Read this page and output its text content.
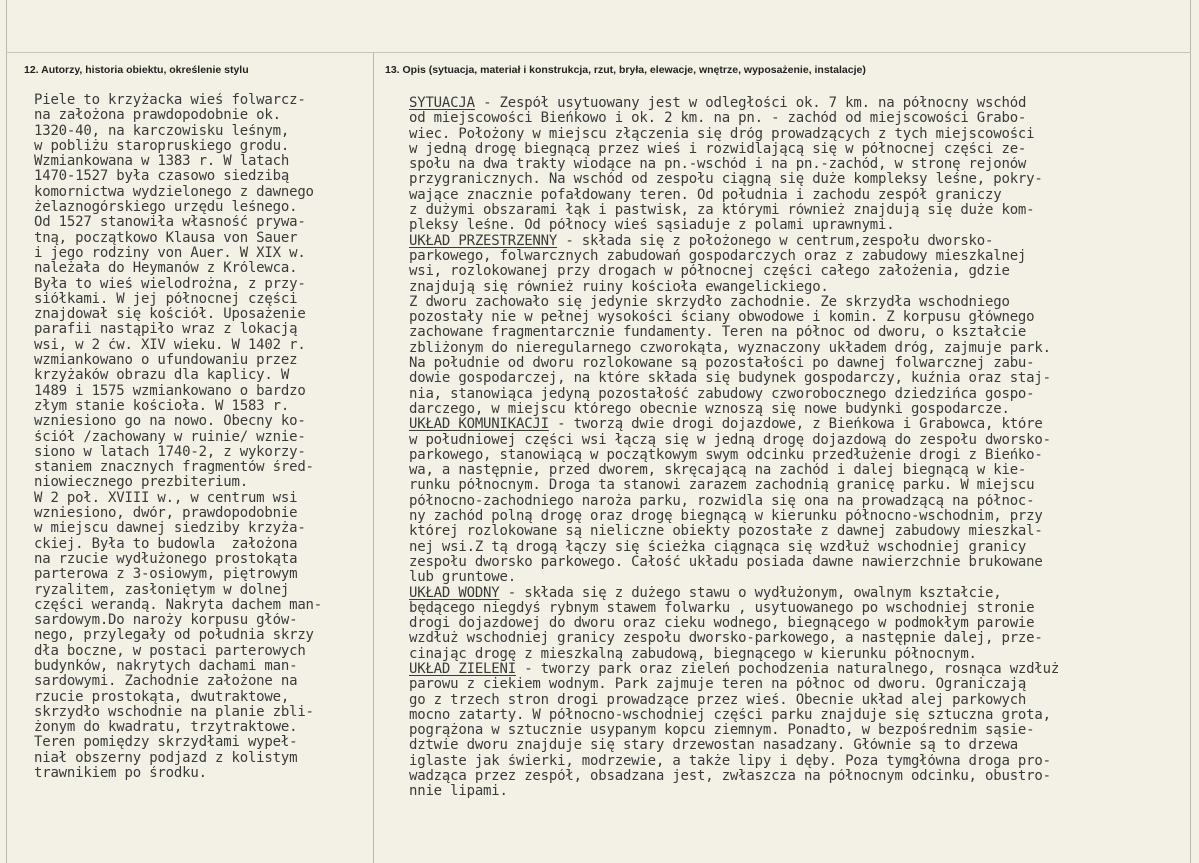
12. Autorzy, historia obiektu, określenie stylu	13. Opis (sytuacja, materiał i konstrukcja, rzut, bryła, elewacje, wnętrze, wyposażenie, instalacje)
Piele to krzyżacka wieś folwarcz-
na założona prawdopodobnie ok.
1320-40, na karczowisku leśnym,
w pobliżu staropruskiego grodu.
Wzmiankowana w 1383 r. W latach
1470-1527 była czasowo siedzibą
komornictwa wydzielonego z dawnego
żelaznogórskiego urzędu leśnego.
Od 1527 stanowiła własność prywa-
tną, początkowo Klausa von Sauer
i jego rodziny von Auer. W XIX w.
należała do Heymanów z Królewca.
Była to wieś wielodrożna, z przy-
siółkami. W jej północnej części
znajdował się kościół. Uposażenie
parafii nastąpiło wraz z lokacją
wsi, w 2 ćw. XIV wieku. W 1402 r.
wzmiankowano o ufundowaniu przez
krzyżaków obrazu dla kaplicy. W
1489 i 1575 wzmiankowano o bardzo
złym stanie kościoła. W 1583 r.
wzniesiono go na nowo. Obecny ko-
ściół /zachowany w ruinie/ wznie-
siono w latach 1740-2, z wykorzy-
staniem znacznych fragmentów śred-
niowiecznego prezbiterium.
W 2 poł. XVIII w., w centrum wsi
wzniesiono, dwór, prawdopodobnie
w miejscu dawnej siedziby krzyża-
ckiej. Była to budowla  założona
na rzucie wydłużonego prostokąta
parterowa z 3-osiowym, piętrowym
ryzalitem, zasłoniętym w dolnej
części werandą. Nakryta dachem man-
sardowym.Do naroży korpusu głów-
nego, przylegały od południa skrzy
dła boczne, w postaci parterowych
budynków, nakrytych dachami man-
sardowymi. Zachodnie założone na
rzucie prostokąta, dwutraktowe,
skrzydło wschodnie na planie zbli-
żonym do kwadratu, trzytraktowe.
Teren pomiędzy skrzydłami wypeł-
niał obszerny podjazd z kolistym
trawnikiem po środku.
SYTUACJA - Zespół usytuowany jest w odległości ok. 7 km. na północny wschód
od miejscowości Bieńkowo i ok. 2 km. na pn. - zachód od miejscowości Grabo-
wiec. Położony w miejscu złączenia się dróg prowadzących z tych miejscowości
w jedną drogę biegnącą przez wieś i rozwidlającą się w północnej części ze-
społu na dwa trakty wiodące na pn.-wschód i na pn.-zachód, w stronę rejonów
przygranicznych. Na wschód od zespołu ciągną się duże kompleksy leśne, pokry-
wające znacznie pofałdowany teren. Od południa i zachodu zespół graniczy
z dużymi obszarami łąk i pastwisk, za którymi również znajdują się duże kom-
pleksy leśne. Od północy wieś sąsiaduje z polami uprawnymi.
UKŁAD PRZESTRZENNY - składa się z położonego w centrum,zespołu dworsko-
parkowego, folwarcznych zabudowań gospodarczych oraz z zabudowy mieszkalnej
wsi, rozlokowanej przy drogach w północnej części całego założenia, gdzie
znajdują się również ruiny kościoła ewangelickiego.
Z dworu zachowało się jedynie skrzydło zachodnie. Ze skrzydła wschodniego
pozostały nie w pełnej wysokości ściany obwodowe i komin. Z korpusu głównego
zachowane fragmentarcznie fundamenty. Teren na północ od dworu, o kształcie
zbliżonym do nieregularnego czworokąta, wyznaczony układem dróg, zajmuje park.
Na południe od dworu rozlokowane są pozostałości po dawnej folwarcznej zabu-
dowie gospodarczej, na które składa się budynek gospodarczy, kuźnia oraz staj-
nia, stanowiąca jedyną pozostałość zabudowy czworobocznego dziedzińca gospo-
darczego, w miejscu którego obecnie wznoszą się nowe budynki gospodarcze.
UKŁAD KOMUNIKACJI - tworzą dwie drogi dojazdowe, z Bieńkowa i Grabowca, które
w południowej części wsi łączą się w jedną drogę dojazdową do zespołu dworsko-
parkowego, stanowiącą w początkowym swym odcinku przedłużenie drogi z Bieńko-
wa, a następnie, przed dworem, skręcającą na zachód i dalej biegnącą w kie-
runku północnym. Droga ta stanowi zarazem zachodnią granicę parku. W miejscu
północno-zachodniego naroża parku, rozwidla się ona na prowadzącą na północ-
ny zachód polną drogę oraz drogę biegnącą w kierunku północno-wschodnim, przy
której rozlokowane są nieliczne obiekty pozostałe z dawnej zabudowy mieszkal-
nej wsi.Z tą drogą łączy się ścieżka ciągnąca się wzdłuż wschodniej granicy
zespołu dworsko parkowego. Całość układu posiada dawne nawierzchnie brukowane
lub gruntowe.
UKŁAD WODNY - składa się z dużego stawu o wydłużonym, owalnym kształcie,
będącego niegdyś rybnym stawem folwarku , usytuowanego po wschodniej stronie
drogi dojazdowej do dworu oraz cieku wodnego, biegnącego w podmokłym parowie
wzdłuż wschodniej granicy zespołu dworsko-parkowego, a następnie dalej, prze-
cinając drogę z mieszkalną zabudową, biegnącego w kierunku północnym.
UKŁAD ZIELENI - tworzy park oraz zieleń pochodzenia naturalnego, rosnąca wzdłuż
parowu z ciekiem wodnym. Park zajmuje teren na północ od dworu. Ograniczają
go z trzech stron drogi prowadzące przez wieś. Obecnie układ alej parkowych
mocno zatarty. W północno-wschodniej części parku znajduje się sztuczna grota,
pogrążona w sztucznie usypanym kopcu ziemnym. Ponadto, w bezpośrednim sąsie-
dztwie dworu znajduje się stary drzewostan nasadzany. Głównie są to drzewa
iglaste jak świerki, modrzewie, a także lipy i dęby. Poza tymgłówna droga pro-
wadząca przez zespół, obsadzana jest, zwłaszcza na północnym odcinku, obustro-
nnie lipami.
